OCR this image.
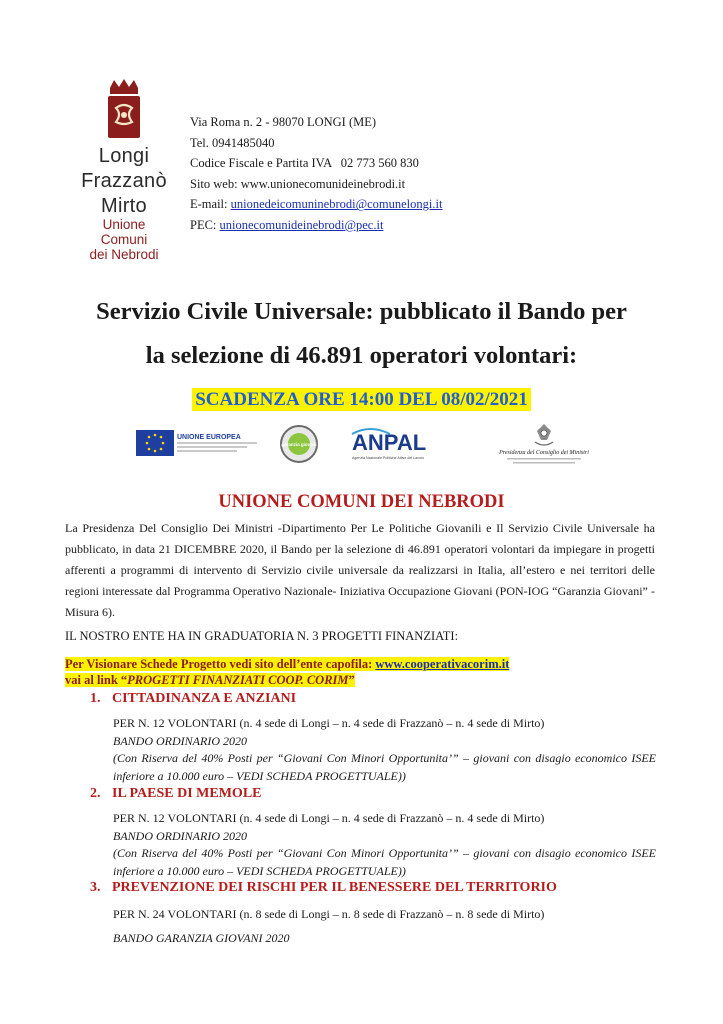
Longi
Frazzanò
Mirto
Unione Comuni
dei Nebrodi
Via Roma n. 2 - 98070 LONGI (ME)
Tel. 0941485040
Codice Fiscale e Partita IVA   02 773 560 830
Sito web: www.unionecomunideinebrodi.it
E-mail: unionedeicomuninebrodi@comunelongi.it
PEC: unionecomunideinebrodi@pec.it
Servizio Civile Universale: pubblicato il Bando per
la selezione di 46.891 operatori volontari:
SCADENZA ORE 14:00 DEL 08/02/2021
UNIONE EUROPEA
garanzia giovani ANPAL
Agenzia Nazionale Politiche Attive del Lavoro
Presidenza del Consiglio dei Ministri
UNIONE COMUNI DEI NEBRODI
La Presidenza Del Consiglio Dei Ministri -Dipartimento Per Le Politiche Giovanili e Il Servizio Civile Universale ha pubblicato, in data 21 DICEMBRE 2020, il Bando per la selezione di 46.891 operatori volontari da impiegare in progetti afferenti a programmi di intervento di Servizio civile universale da realizzarsi in Italia, all’estero e nei territori delle regioni interessate dal Programma Operativo Nazionale- Iniziativa Occupazione Giovani (PON-IOG “Garanzia Giovani” - Misura 6).
IL NOSTRO ENTE HA IN GRADUATORIA N. 3 PROGETTI FINANZIATI:
Per Visionare Schede Progetto vedi sito dell’ente capofila: www.cooperativacorim.it
vai al link “PROGETTI FINANZIATI COOP. CORIM”
1. CITTADINANZA E ANZIANI
PER N. 12 VOLONTARI (n. 4 sede di Longi – n. 4 sede di Frazzanò – n. 4 sede di Mirto)
BANDO ORDINARIO 2020
(Con Riserva del 40% Posti per “Giovani Con Minori Opportunita’” – giovani con disagio economico ISEE inferiore a 10.000 euro – VEDI SCHEDA PROGETTUALE))
2. IL PAESE DI MEMOLE
PER N. 12 VOLONTARI (n. 4 sede di Longi – n. 4 sede di Frazzanò – n. 4 sede di Mirto)
BANDO ORDINARIO 2020
(Con Riserva del 40% Posti per “Giovani Con Minori Opportunita’” – giovani con disagio economico ISEE inferiore a 10.000 euro – VEDI SCHEDA PROGETTUALE))
3. PREVENZIONE DEI RISCHI PER IL BENESSERE DEL TERRITORIO
PER N. 24 VOLONTARI (n. 8 sede di Longi – n. 8 sede di Frazzanò – n. 8 sede di Mirto)
BANDO GARANZIA GIOVANI 2020
